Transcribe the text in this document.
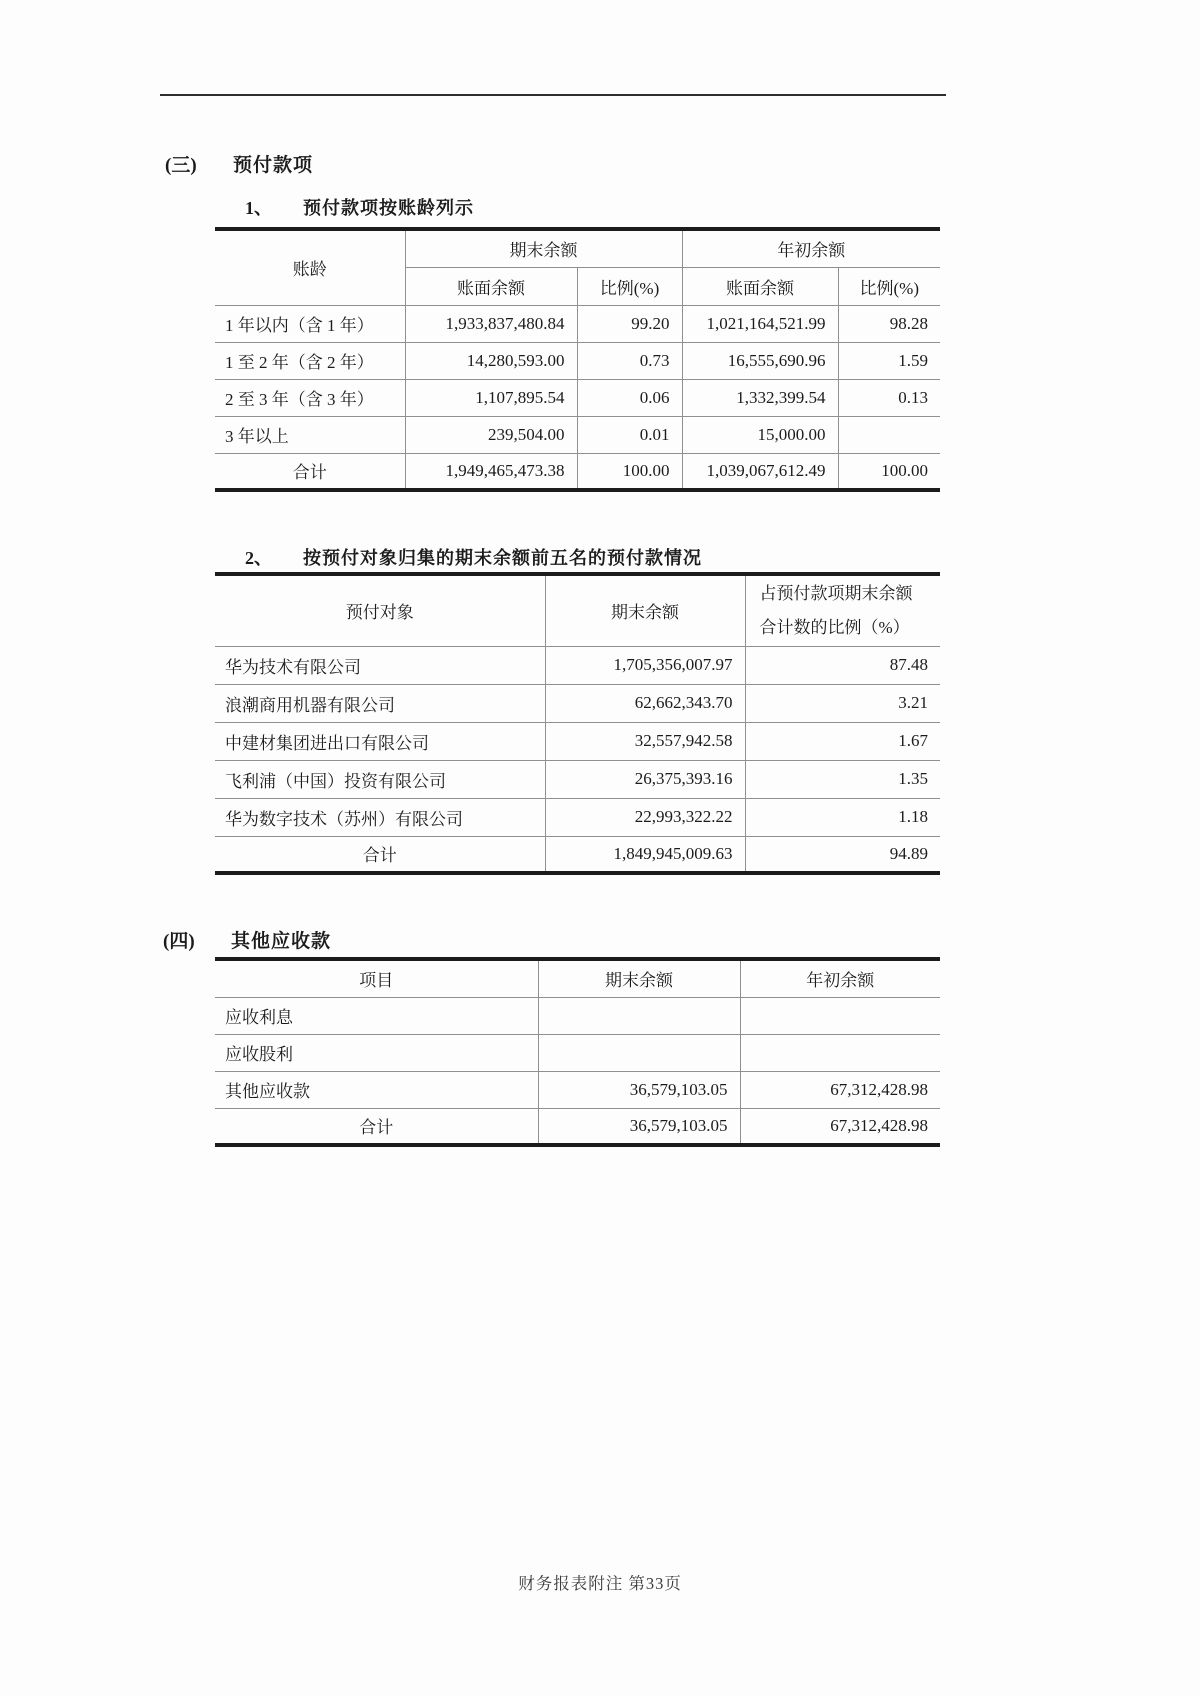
(三) 预付款项
1、 预付款项按账龄列示
账龄	期末余额		年初余额	
	账面余额	比例(%)	账面余额	比例(%)
1 年以内（含 1 年）	1,933,837,480.84	99.20	1,021,164,521.99	98.28
1 至 2 年（含 2 年）	14,280,593.00	0.73	16,555,690.96	1.59
2 至 3 年（含 3 年）	1,107,895.54	0.06	1,332,399.54	0.13
3 年以上	239,504.00	0.01	15,000.00	
合计	1,949,465,473.38	100.00	1,039,067,612.49	100.00
2、 按预付对象归集的期末余额前五名的预付款情况
预付对象	期末余额	占预付款项期末余额
合计数的比例（%）

华为技术有限公司	1,705,356,007.97	87.48
浪潮商用机器有限公司	62,662,343.70	3.21
中建材集团进出口有限公司	32,557,942.58	1.67
飞利浦（中国）投资有限公司	26,375,393.16	1.35
华为数字技术（苏州）有限公司	22,993,322.22	1.18
合计	1,849,945,009.63	94.89
(四) 其他应收款
项目	期末余额	年初余额
应收利息		
应收股利		
其他应收款	36,579,103.05	67,312,428.98
合计	36,579,103.05	67,312,428.98
财务报表附注 第33页
